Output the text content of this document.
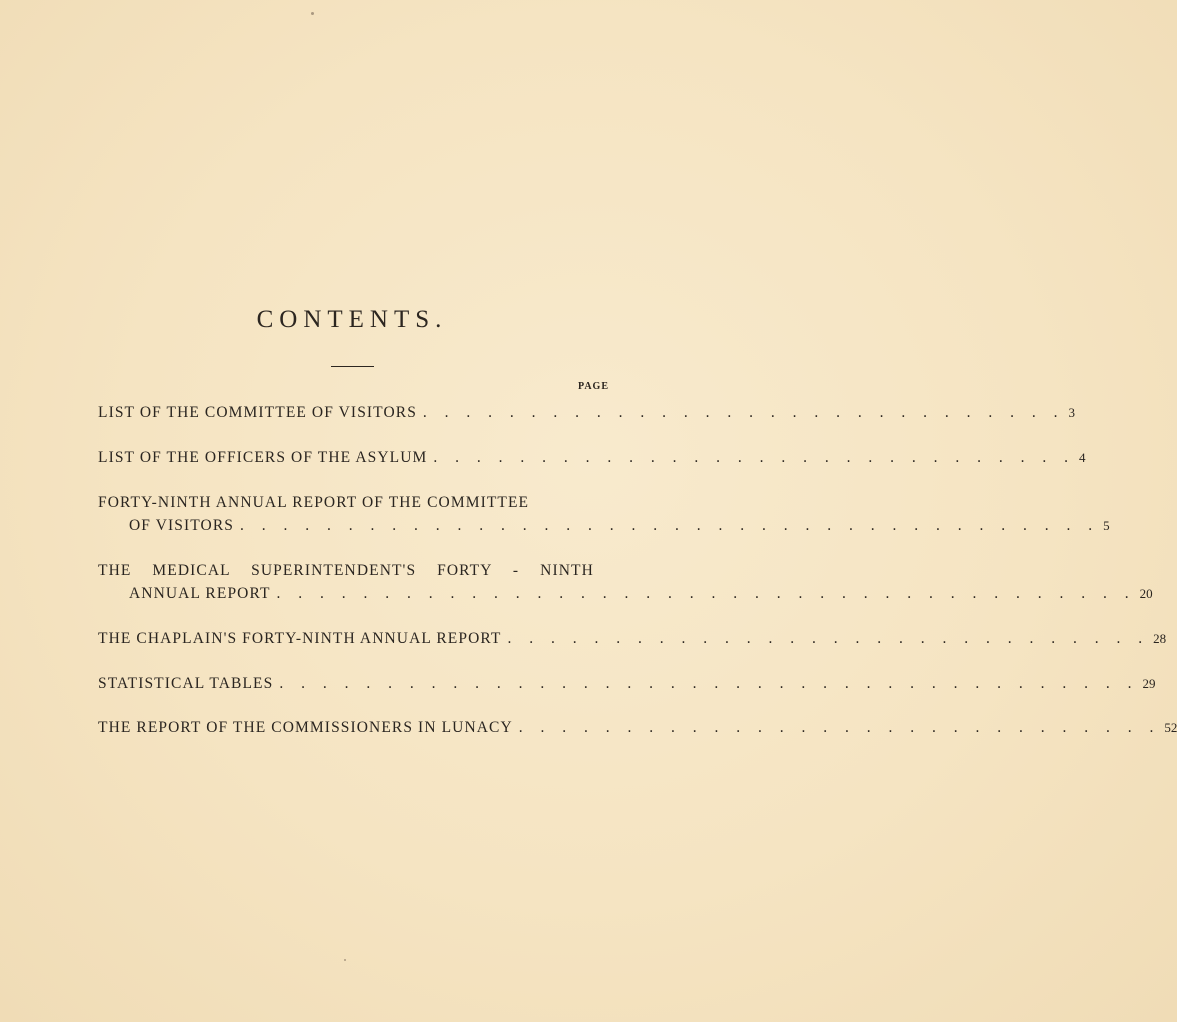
CONTENTS.
PAGE
LIST OF THE COMMITTEE OF VISITORS . . . . . . . . . . . . . . . . . . . . . . . . . . . . . . 3
LIST OF THE OFFICERS OF THE ASYLUM . . . . . . . . . . . . . . . . . . . . . . . . . . . . . . 4
FORTY-NINTH ANNUAL REPORT OF THE COMMITTEE
OF VISITORS . . . . . . . . . . . . . . . . . . . . . . . . . . . . . . . . . . . . . . . . 5
THE MEDICAL SUPERINTENDENT'S FORTY - NINTH
ANNUAL REPORT . . . . . . . . . . . . . . . . . . . . . . . . . . . . . . . . . . . . . . . . 20
THE CHAPLAIN'S FORTY-NINTH ANNUAL REPORT . . . . . . . . . . . . . . . . . . . . . . . . . . . . . . 28
STATISTICAL TABLES . . . . . . . . . . . . . . . . . . . . . . . . . . . . . . . . . . . . . . . . 29
THE REPORT OF THE COMMISSIONERS IN LUNACY . . . . . . . . . . . . . . . . . . . . . . . . . . . . . . 52
